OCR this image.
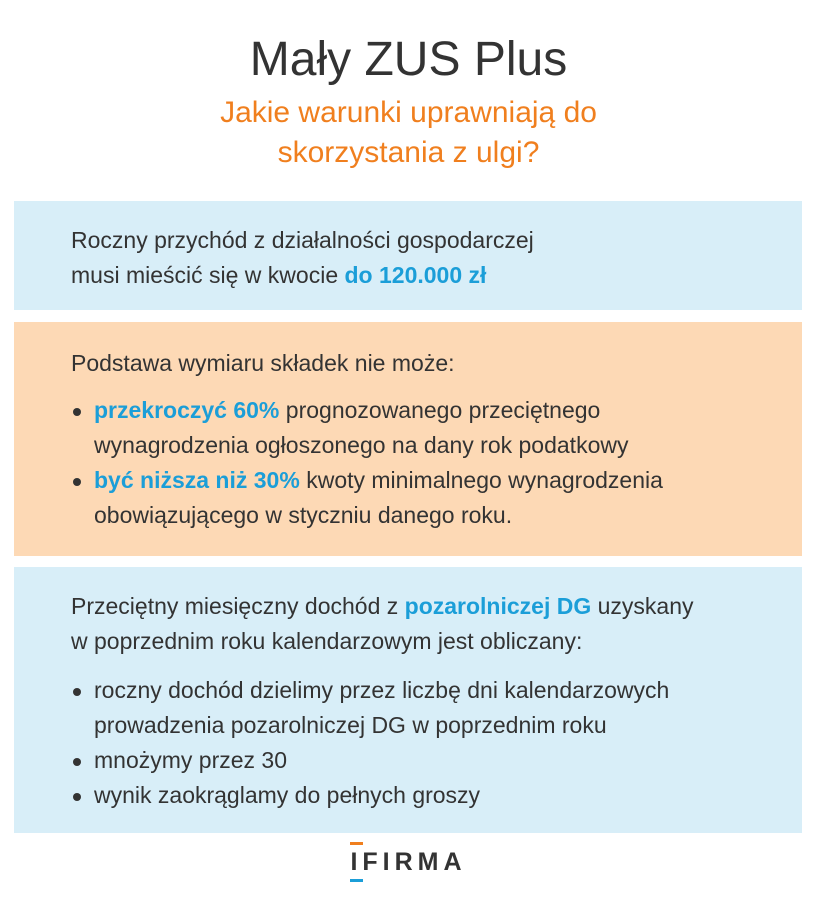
Mały ZUS Plus
Jakie warunki uprawniają do
skorzystania z ulgi?
Roczny przychód z działalności gospodarczej
musi mieścić się w kwocie do 120.000 zł
Podstawa wymiaru składek nie może:
przekroczyć 60% prognozowanego przeciętnego
wynagrodzenia ogłoszonego na dany rok podatkowy
być niższa niż 30% kwoty minimalnego wynagrodzenia
obowiązującego w styczniu danego roku.
Przeciętny miesięczny dochód z pozarolniczej DG uzyskany
w poprzednim roku kalendarzowym jest obliczany:
roczny dochód dzielimy przez liczbę dni kalendarzowych
prowadzenia pozarolniczej DG w poprzednim roku
mnożymy przez 30
wynik zaokrąglamy do pełnych groszy
I
FIRMA
